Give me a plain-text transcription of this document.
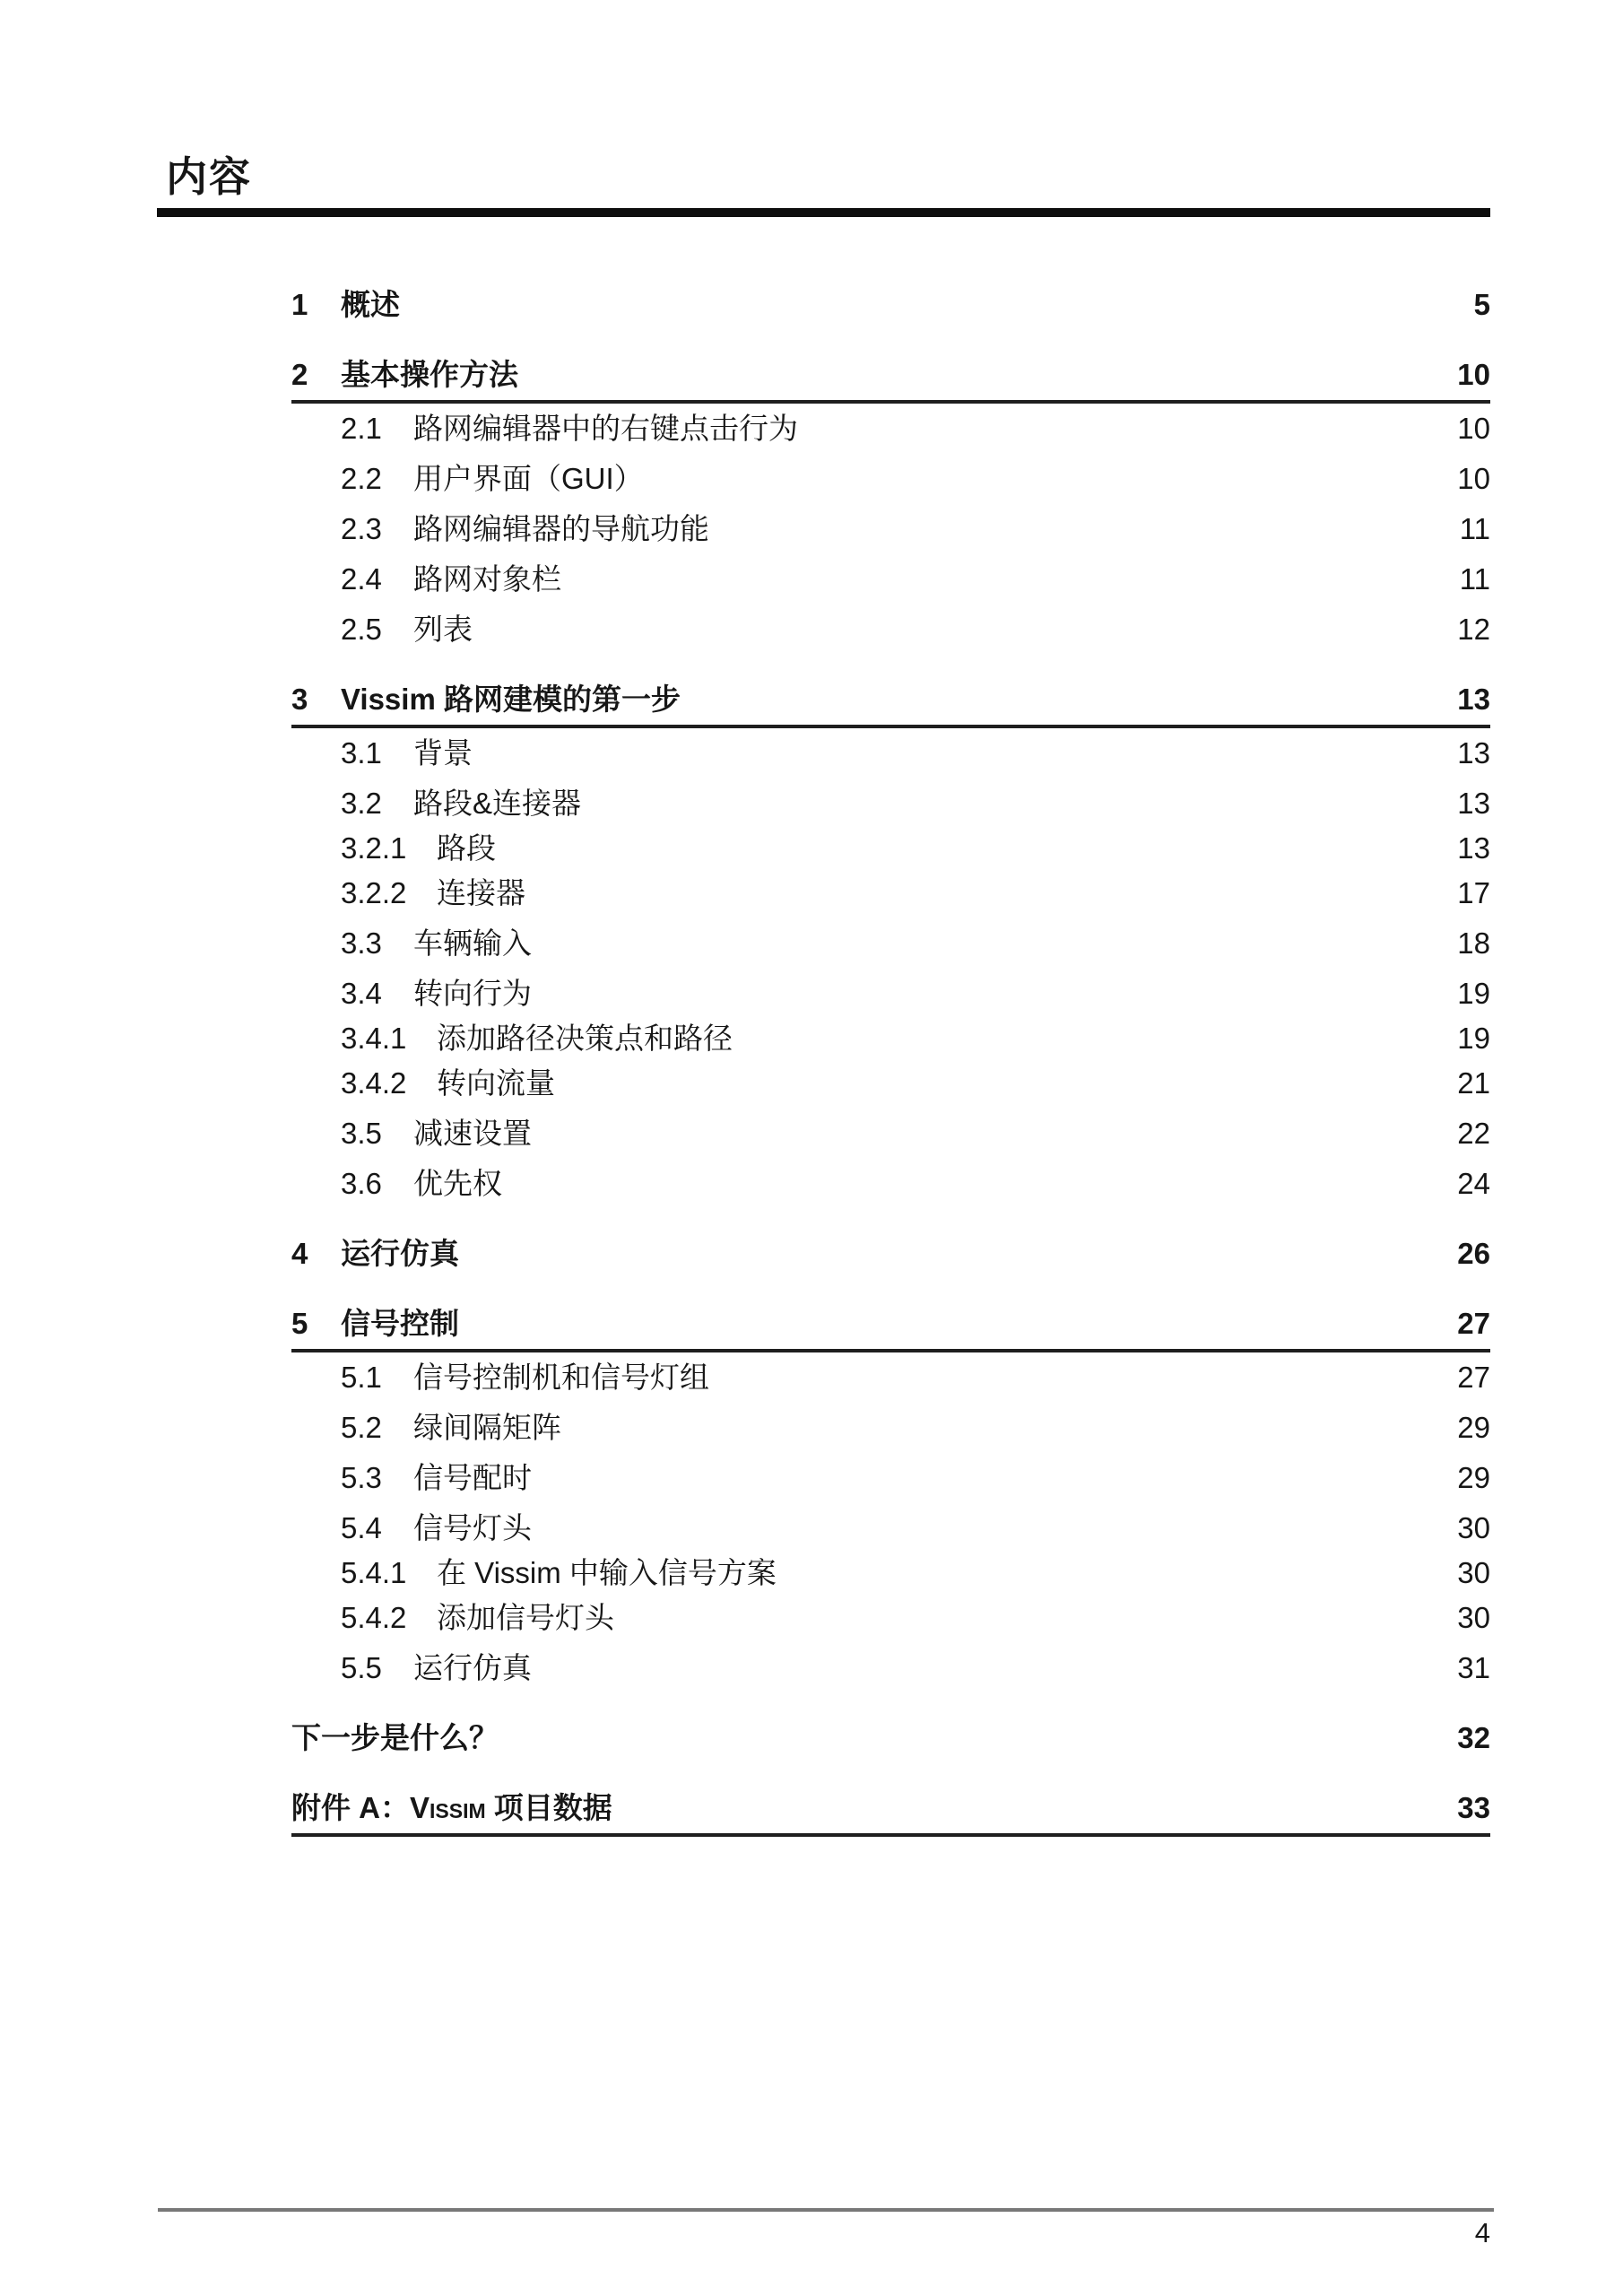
内容
1	概述	5
2	基本操作方法	10
2.1	路网编辑器中的右键点击行为	10
2.2	用户界面（GUI）	10
2.3	路网编辑器的导航功能	11
2.4	路网对象栏	11
2.5	列表	12
3	Vissim 路网建模的第一步	13
3.1	背景	13
3.2	路段&连接器	13
3.2.1	路段	13
3.2.2	连接器	17
3.3	车辆输入	18
3.4	转向行为	19
3.4.1	添加路径决策点和路径	19
3.4.2	转向流量	21
3.5	减速设置	22
3.6	优先权	24
4	运行仿真	26
5	信号控制	27
5.1	信号控制机和信号灯组	27
5.2	绿间隔矩阵	29
5.3	信号配时	29
5.4	信号灯头	30
5.4.1	在 Vissim 中输入信号方案	30
5.4.2	添加信号灯头	30
5.5	运行仿真	31
下一步是什么？	32
附件 A：Vissim 项目数据	33
4
